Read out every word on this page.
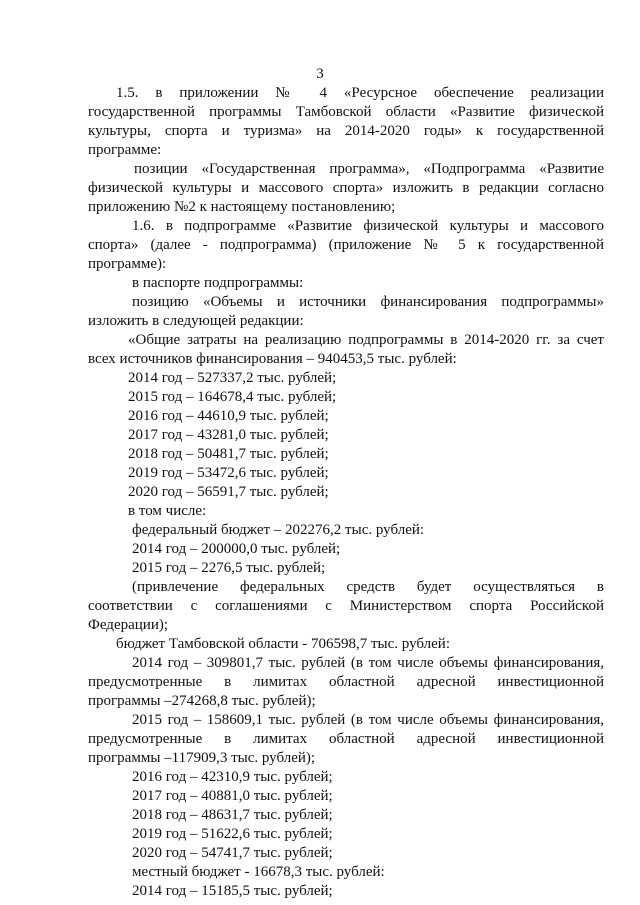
3
1.5. в приложении № 4 «Ресурсное обеспечение реализации
государственной программы Тамбовской области «Развитие физической
культуры, спорта и туризма» на 2014-2020 годы» к государственной
программе:
позиции «Государственная программа», «Подпрограмма «Развитие
физической культуры и массового спорта» изложить в редакции согласно
приложению №2 к настоящему постановлению;
1.6. в подпрограмме «Развитие физической культуры и массового
спорта» (далее - подпрограмма) (приложение № 5 к государственной
программе):
в паспорте подпрограммы:
позицию «Объемы и источники финансирования подпрограммы»
изложить в следующей редакции:
«Общие затраты на реализацию подпрограммы в 2014-2020 гг. за счет
всех источников финансирования – 940453,5 тыс. рублей:
2014 год – 527337,2 тыс. рублей;
2015 год – 164678,4 тыс. рублей;
2016 год – 44610,9 тыс. рублей;
2017 год – 43281,0 тыс. рублей;
2018 год – 50481,7 тыс. рублей;
2019 год – 53472,6 тыс. рублей;
2020 год – 56591,7 тыс. рублей;
в том числе:
федеральный бюджет – 202276,2 тыс. рублей:
2014 год – 200000,0 тыс. рублей;
2015 год – 2276,5 тыс. рублей;
(привлечение федеральных средств будет осуществляться в
соответствии с соглашениями с Министерством спорта Российской
Федерации);
бюджет Тамбовской области - 706598,7 тыс. рублей:
2014 год – 309801,7 тыс. рублей (в том числе объемы финансирования,
предусмотренные в лимитах областной адресной инвестиционной
программы –274268,8 тыс. рублей);
2015 год – 158609,1 тыс. рублей (в том числе объемы финансирования,
предусмотренные в лимитах областной адресной инвестиционной
программы –117909,3 тыс. рублей);
2016 год – 42310,9 тыс. рублей;
2017 год – 40881,0 тыс. рублей;
2018 год – 48631,7 тыс. рублей;
2019 год – 51622,6 тыс. рублей;
2020 год – 54741,7 тыс. рублей;
местный бюджет - 16678,3 тыс. рублей:
2014 год – 15185,5 тыс. рублей;
